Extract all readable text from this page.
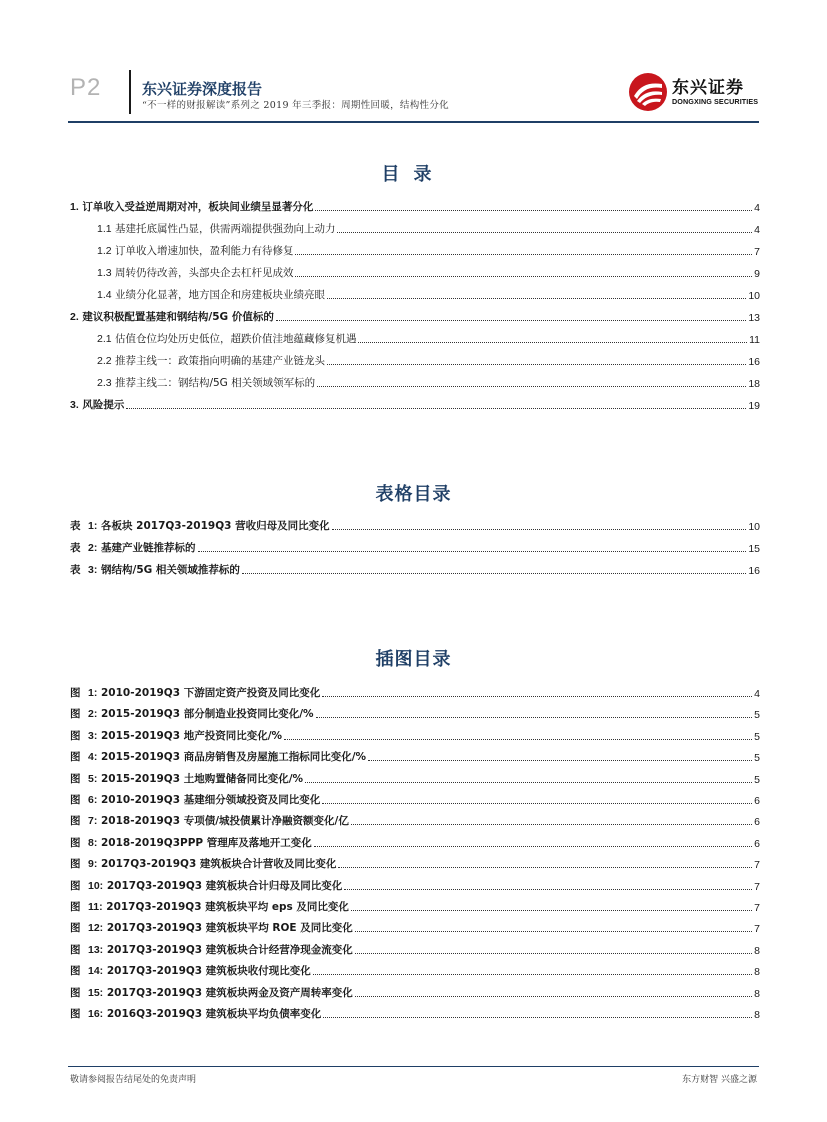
P2	东兴证券深度报告
“不一样的财报解读”系列之 2019 年三季报：周期性回暖，结构性分化
东兴证券
DONGXING SECURITIES
目录
1. 订单收入受益逆周期对冲，板块间业绩呈显著分化	4
1.1 基建托底属性凸显，供需两端提供强劲向上动力	4
1.2 订单收入增速加快，盈利能力有待修复	7
1.3 周转仍待改善，头部央企去杠杆见成效	9
1.4 业绩分化显著，地方国企和房建板块业绩亮眼	10
2. 建议积极配置基建和钢结构/5G 价值标的	13
2.1 估值仓位均处历史低位，超跌价值洼地蕴藏修复机遇	11
2.2 推荐主线一：政策指向明确的基建产业链龙头	16
2.3 推荐主线二：钢结构/5G 相关领域领军标的	18
3. 风险提示	19
表格目录
表 1: 各板块 2017Q3-2019Q3 营收归母及同比变化	10
表 2: 基建产业链推荐标的	15
表 3: 钢结构/5G 相关领域推荐标的	16
插图目录
图 1: 2010-2019Q3 下游固定资产投资及同比变化	4
图 2: 2015-2019Q3 部分制造业投资同比变化/%	5
图 3: 2015-2019Q3 地产投资同比变化/%	5
图 4: 2015-2019Q3 商品房销售及房屋施工指标同比变化/%	5
图 5: 2015-2019Q3 土地购置储备同比变化/%	5
图 6: 2010-2019Q3 基建细分领域投资及同比变化	6
图 7: 2018-2019Q3 专项债/城投债累计净融资额变化/亿	6
图 8: 2018-2019Q3PPP 管理库及落地开工变化	6
图 9: 2017Q3-2019Q3 建筑板块合计营收及同比变化	7
图 10: 2017Q3-2019Q3 建筑板块合计归母及同比变化	7
图 11: 2017Q3-2019Q3 建筑板块平均 eps 及同比变化	7
图 12: 2017Q3-2019Q3 建筑板块平均 ROE 及同比变化	7
图 13: 2017Q3-2019Q3 建筑板块合计经营净现金流变化	8
图 14: 2017Q3-2019Q3 建筑板块收付现比变化	8
图 15: 2017Q3-2019Q3 建筑板块两金及资产周转率变化	8
图 16: 2016Q3-2019Q3 建筑板块平均负债率变化	8
敬请参阅报告结尾处的免责声明	东方财智 兴盛之源
